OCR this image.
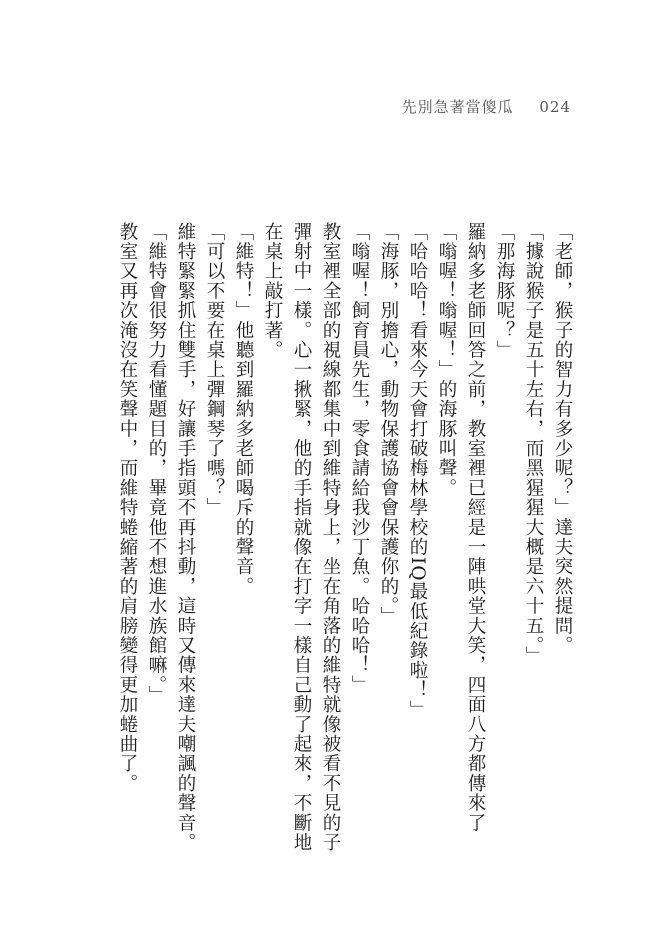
先別急著當傻瓜 024

「老師，猴子的智力有多少呢？」達夫突然提問。

「據說猴子是五十左右，而黑猩猩大概是六十五。」

「那海豚呢？」

羅納多老師回答之前，教室裡已經是一陣哄堂大笑，四面八方都傳來了「嗡喔！嗡喔！」的海豚叫聲。

「哈哈哈！看來今天會打破梅林學校的IQ最低紀錄啦！」

「海豚，別擔心，動物保護協會會保護你的。」

「嗡喔！飼育員先生，零食請給我沙丁魚。哈哈哈！」

教室裡全部的視線都集中到維特身上，坐在角落的維特就像被看不見的子彈射中一樣。心一揪緊，他的手指就像在打字一樣自己動了起來，不斷地在桌上敲打著。

「維特！」他聽到羅納多老師喝斥的聲音。

「可以不要在桌上彈鋼琴了嗎？」

維特緊緊抓住雙手，好讓手指頭不再抖動，這時又傳來達夫嘲諷的聲音。

「維特會很努力看懂題目的，畢竟他不想進水族館嘛。」

教室又再次淹沒在笑聲中，而維特蜷縮著的肩膀變得更加蜷曲了。
